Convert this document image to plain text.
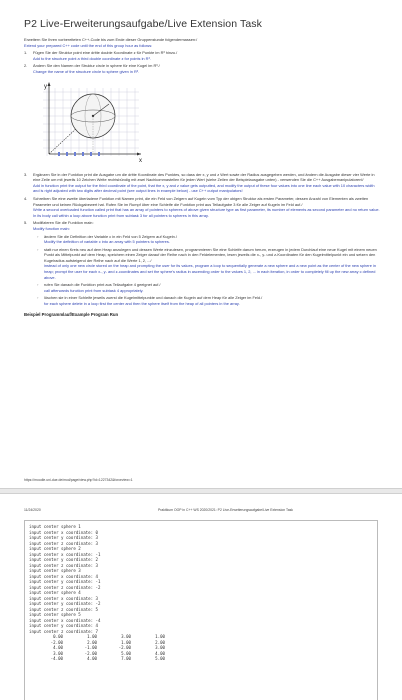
P2 Live-Erweiterungsaufgabe/Live Extension Task
Erweitern Sie Ihren vorbereiteten C++-Code bis zum Ende dieser Gruppenstunde folgendermassen:/
Extend your prepared C++ code until the end of this group hour as follows:
1.	Fügen Sie der Struktur point eine dritte double Koordinate z für Punkte im R³ hinzu./
Add to the structure point a third double coordinate z for points in R³.
2.	Ändern Sie den Namen der Struktur circle in sphere für eine Kugel im R³./
Change the name of the structure circle to sphere given in R³.
y
x
3.	Ergänzen Sie in der Funktion print die Ausgabe um die dritte Koordinate des Punktes, so dass der x, y und z Wert sowie der Radius ausgegeben werden, und ändern die Ausgabe dieser vier Werte in eine Zeile um mit jeweils 10 Zeichen Weite rechtsbündig mit zwei Nachkommastellen für jeden Wert (siehe Zeilen der Beispielausgabe unten) - verwenden Sie die C++ Ausgabemanipulatoren!/
Add in function print the output for the third coordinate of the point, that the x, y and z value gets outputted, and modify the output of these four values into one line each value with 10 characters width and is right adjusted with two digits after decimal point (see output lines in example below) - use C++ output manipulators!
4.	Schreiben Sie eine zweite überladene Funktion mit Namen print, die ein Feld von Zeigern auf Kugeln vom Typ der obigen Struktur als ersten Parameter, dessen Anzahl von Elementen als zweiten Parameter und keinen Rückgabewert hat. Rufen Sie im Rumpf über eine Schleife die Funktion print aus Teilaufgabe 3 für alle Zeiger auf Kugeln im Feld auf./
Write a second overloaded function called print that has an array of pointers to spheres of above given structure type as first parameter, its number of elements as second parameter and no return value. In its body call within a loop above function print from subtask 3 for all pointers to spheres in this array.
5.	Modifizieren Sie die Funktion main:
Modify function main:
◦	ändern Sie die Definition der Variable c in ein Feld von 5 Zeigern auf Kugeln./
Modify the definition of variable c into an array with 5 pointers to spheres.
◦	statt nur einen Kreis neu auf dem Heap anzulegen und dessen Werte einzulesen, programmieren Sie eine Schleife darum herum, erzeugen in jedem Durchlauf eine neue Kugel mit einem neuen Punkt als Mittelpunkt auf dem Heap, speichern einen Zeiger darauf der Reihe nach in den Feldelementen, lesen jeweils die x-, y- und z-Koordinaten für den Kugelmittelpunkt ein und setzen den Kugelradius aufsteigend der Reihe nach auf die Werte 1, 2, .../
instead of only one new circle stored on the heap and prompting the user for its values, program a loop to sequentially generate a new sphere and a new point as the center of the new sphere in heap; prompt the user for each x-, y- and z-coordinates and set the sphere's radius in ascending order to the values 1, 2, ... in each iteration, in order to completely fill up the new array c defined above.
◦	rufen Sie danach die Funktion print aus Teilaufgabe 4 geeignet auf./
call afterwards function print from subtask 4 appropriately.
◦	löschen sie in einer Schleife jeweils zuerst die Kugelmittelpunkte und danach die Kugeln auf dem Heap für alle Zeiger im Feld./
for each sphere delete in a loop first the center and then the sphere itself from the heap of all pointers in the array.
Beispiel Programmlauf/Example Program Run
https://moodle.uni-due.de/mod/page/view.php?id=1227342&forceview=1
11/24/2020	Praktikum OOP in C++ WS 2020/2021: P2 Live-Erweiterungsaufgabe/Live Extension Task
input center sphere 1
input center x coordinate: 0
input center y coordinate: 3
input center z coordinate: 3
input center sphere 2
input center x coordinate: -1
input center y coordinate: 2
input center z coordinate: 3
input center sphere 3
input center x coordinate: 4
input center y coordinate: -1
input center z coordinate: -2
input center sphere 4
input center x coordinate: 3
input center y coordinate: -2
input center z coordinate: 5
input center sphere 5
input center x coordinate: -4
input center y coordinate: 4
input center z coordinate: 7
0.00	1.00	3.00	1.00
-2.00	2.00	1.00	2.00
4.00	-1.00	-2.00	3.00
3.00	-2.00	5.00	4.00
-4.00	4.00	7.00	5.00
